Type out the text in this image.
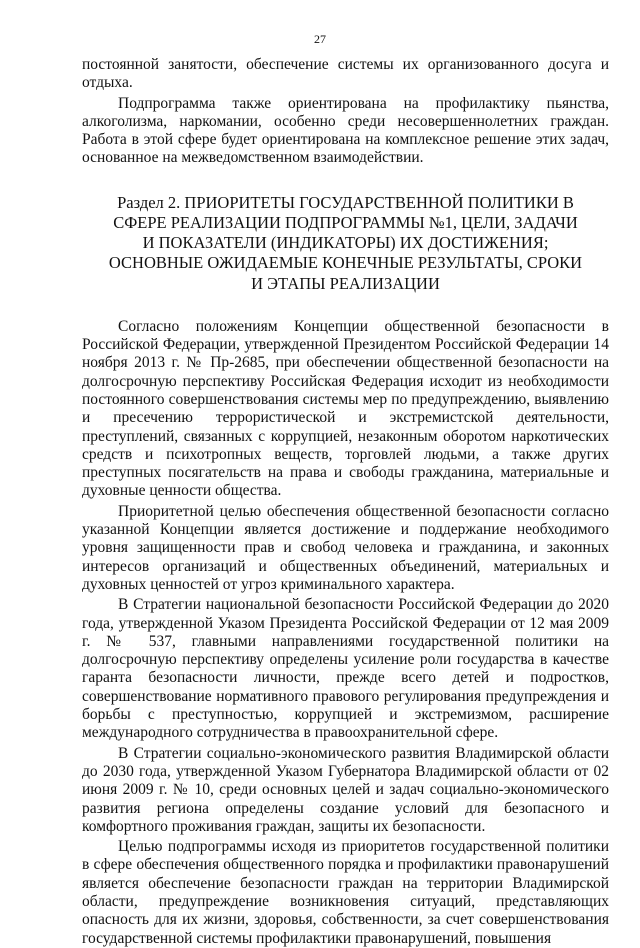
27

постоянной занятости, обеспечение системы их организованного досуга и отдыха.

Подпрограмма также ориентирована на профилактику пьянства, алкоголизма, наркомании, особенно среди несовершеннолетних граждан. Работа в этой сфере будет ориентирована на комплексное решение этих задач, основанное на межведомственном взаимодействии.

Раздел 2. ПРИОРИТЕТЫ ГОСУДАРСТВЕННОЙ ПОЛИТИКИ В СФЕРЕ РЕАЛИЗАЦИИ ПОДПРОГРАММЫ №1, ЦЕЛИ, ЗАДАЧИ И ПОКАЗАТЕЛИ (ИНДИКАТОРЫ) ИХ ДОСТИЖЕНИЯ; ОСНОВНЫЕ ОЖИДАЕМЫЕ КОНЕЧНЫЕ РЕЗУЛЬТАТЫ, СРОКИ И ЭТАПЫ РЕАЛИЗАЦИИ

Согласно положениям Концепции общественной безопасности в Российской Федерации, утвержденной Президентом Российской Федерации 14 ноября 2013 г. № Пр-2685, при обеспечении общественной безопасности на долгосрочную перспективу Российская Федерация исходит из необходимости постоянного совершенствования системы мер по предупреждению, выявлению и пресечению террористической и экстремистской деятельности, преступлений, связанных с коррупцией, незаконным оборотом наркотических средств и психотропных веществ, торговлей людьми, а также других преступных посягательств на права и свободы гражданина, материальные и духовные ценности общества.

Приоритетной целью обеспечения общественной безопасности согласно указанной Концепции является достижение и поддержание необходимого уровня защищенности прав и свобод человека и гражданина, и законных интересов организаций и общественных объединений, материальных и духовных ценностей от угроз криминального характера.

В Стратегии национальной безопасности Российской Федерации до 2020 года, утвержденной Указом Президента Российской Федерации от 12 мая 2009 г. № 537, главными направлениями государственной политики на долгосрочную перспективу определены усиление роли государства в качестве гаранта безопасности личности, прежде всего детей и подростков, совершенствование нормативного правового регулирования предупреждения и борьбы с преступностью, коррупцией и экстремизмом, расширение международного сотрудничества в правоохранительной сфере.

В Стратегии социально-экономического развития Владимирской области до 2030 года, утвержденной Указом Губернатора Владимирской области от 02 июня 2009 г. № 10, среди основных целей и задач социально-экономического развития региона определены создание условий для безопасного и комфортного проживания граждан, защиты их безопасности.

Целью подпрограммы исходя из приоритетов государственной политики в сфере обеспечения общественного порядка и профилактики правонарушений является обеспечение безопасности граждан на территории Владимирской области, предупреждение возникновения ситуаций, представляющих опасность для их жизни, здоровья, собственности, за счет совершенствования государственной системы профилактики правонарушений, повышения
